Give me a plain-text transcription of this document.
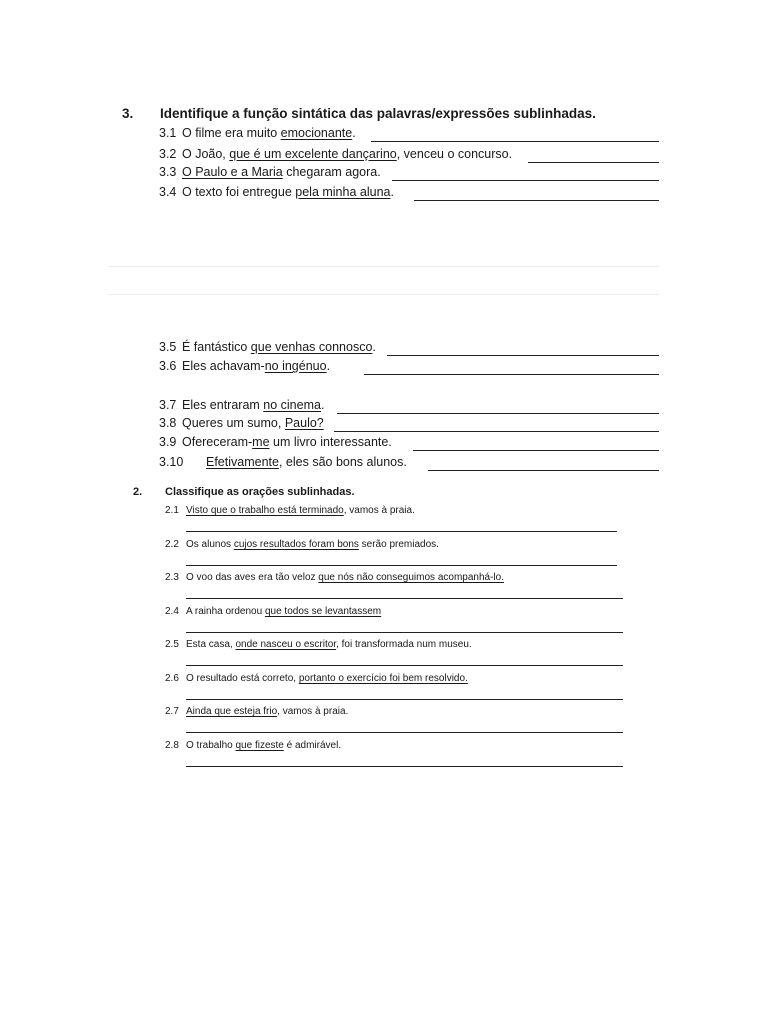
3. Identifique a função sintática das palavras/expressões sublinhadas.
3.1 O filme era muito emocionante.
3.2 O João, que é um excelente dançarino, venceu o concurso.
3.3 O Paulo e a Maria chegaram agora.
3.4 O texto foi entregue pela minha aluna.
3.5 É fantástico que venhas connosco.
3.6 Eles achavam-no ingénuo.
3.7 Eles entraram no cinema.
3.8 Queres um sumo, Paulo?
3.9 Ofereceram-me um livro interessante.
3.10 Efetivamente, eles são bons alunos.
2. Classifique as orações sublinhadas.
2.1 Visto que o trabalho está terminado, vamos à praia.
2.2 Os alunos cujos resultados foram bons serão premiados.
2.3 O voo das aves era tão veloz que nós não conseguimos acompanhá-lo.
2.4 A rainha ordenou que todos se levantassem
2.5 Esta casa, onde nasceu o escritor, foi transformada num museu.
2.6 O resultado está correto, portanto o exercício foi bem resolvido.
2.7 Ainda que esteja frio, vamos à praia.
2.8 O trabalho que fizeste é admirável.
